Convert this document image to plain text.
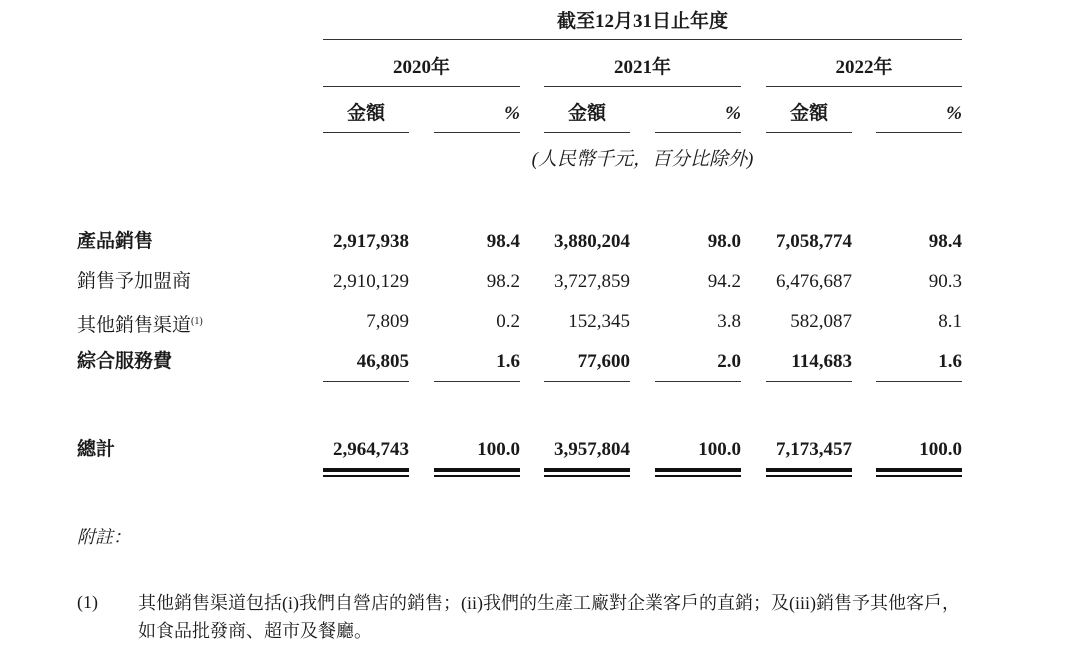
截至12月31日止年度
2020年	2021年	2022年
金額	%	金額	%	金額	%
(人民幣千元，百分比除外)
產品銷售	2,917,938	98.4	3,880,204	98.0	7,058,774	98.4
銷售予加盟商	2,910,129	98.2	3,727,859	94.2	6,476,687	90.3
其他銷售渠道$^{(1)}$	7,809	0.2	152,345	3.8	582,087	8.1
綜合服務費	46,805	1.6	77,600	2.0	114,683	1.6
總計	2,964,743	100.0	3,957,804	100.0	7,173,457	100.0
附註：
(1) 其他銷售渠道包括(i)我們自營店的銷售；(ii)我們的生產工廠對企業客戶的直銷；及(iii)銷售予其他客戶，如食品批發商、超市及餐廳。
